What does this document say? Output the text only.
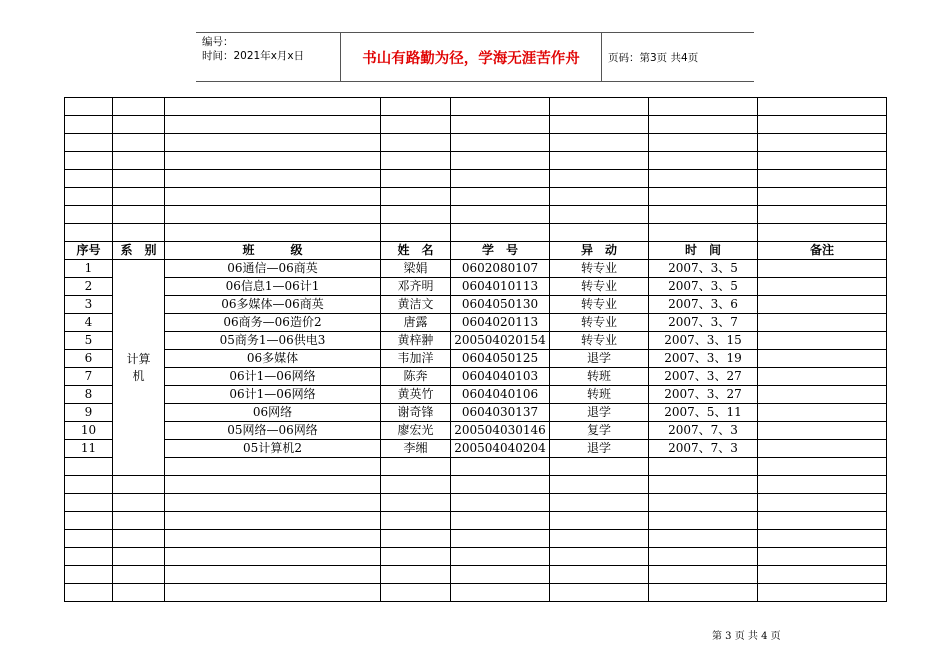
编号：
时间：2021年x月x日	书山有路勤为径，学海无涯苦作舟	页码：第3页 共4页

序号	系　别	班　　　级	姓　名	学　号	异　动	时　间	备注
1	计算机	06通信—06商英	梁娟	0602080107	转专业	2007、3、5	
2		06信息1—06计1	邓齐明	0604010113	转专业	2007、3、5	
3		06多媒体—06商英	黄洁文	0604050130	转专业	2007、3、6	
4		06商务—06造价2	唐露	0604020113	转专业	2007、3、7	
5		05商务1—06供电3	黄梓翀	200504020154	转专业	2007、3、15	
6		06多媒体	韦加洋	0604050125	退学	2007、3、19	
7		06计1—06网络	陈奔	0604040103	转班	2007、3、27	
8		06计1—06网络	黄英竹	0604040106	转班	2007、3、27	
9		06网络	谢奇锋	0604030137	退学	2007、5、11	
10		05网络—06网络	廖宏光	200504030146	复学	2007、7、3	
11		05计算机2	李缃	200504040204	退学	2007、7、3	

第 3 页 共 4 页
